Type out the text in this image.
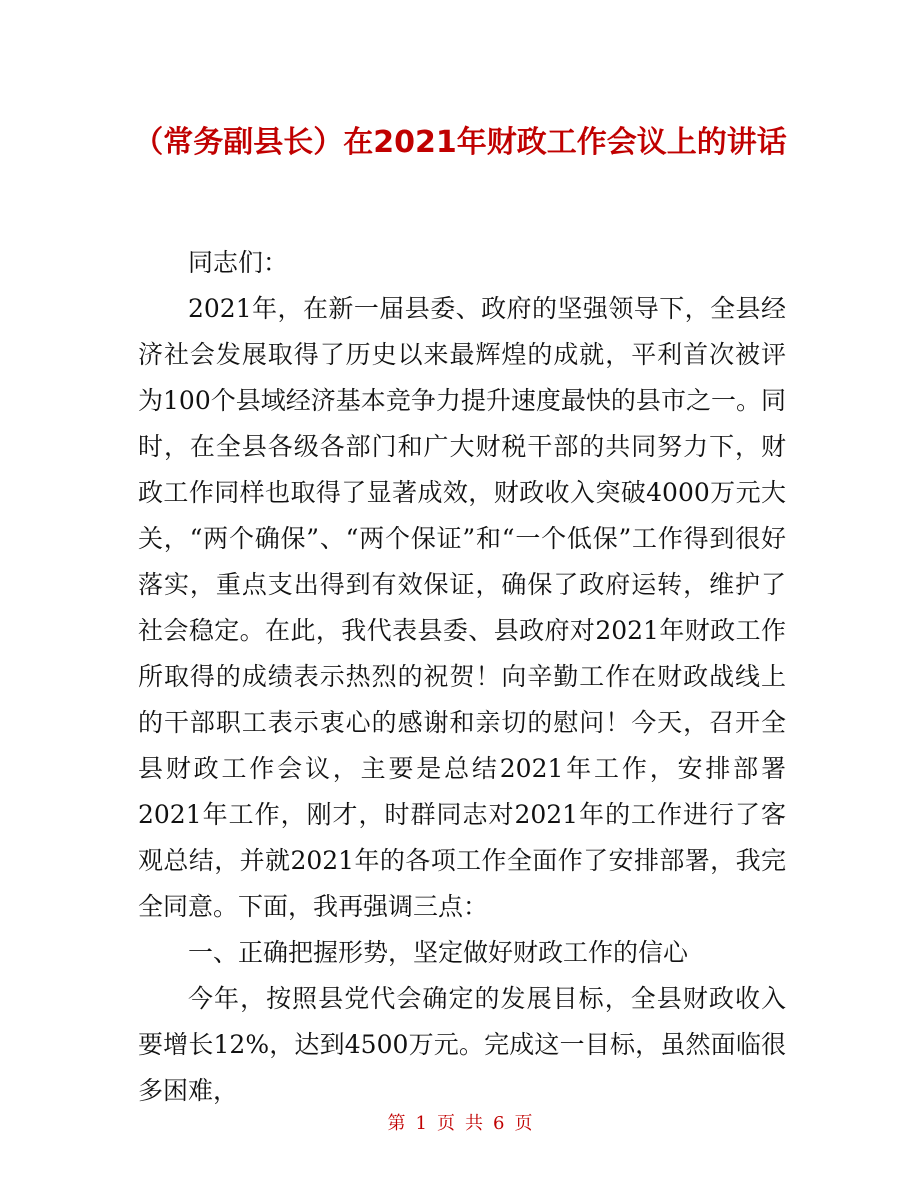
（常务副县长）在2021年财政工作会议上的讲话

同志们：

2021年，在新一届县委、政府的坚强领导下，全县经济社会发展取得了历史以来最辉煌的成就，平利首次被评为100个县域经济基本竞争力提升速度最快的县市之一。同时，在全县各级各部门和广大财税干部的共同努力下，财政工作同样也取得了显著成效，财政收入突破4000万元大关，“两个确保”、“两个保证”和“一个低保”工作得到很好落实，重点支出得到有效保证，确保了政府运转，维护了社会稳定。在此，我代表县委、县政府对2021年财政工作所取得的成绩表示热烈的祝贺！向辛勤工作在财政战线上的干部职工表示衷心的感谢和亲切的慰问！今天，召开全县财政工作会议，主要是总结2021年工作，安排部署2021年工作，刚才，时群同志对2021年的工作进行了客观总结，并就2021年的各项工作全面作了安排部署，我完全同意。下面，我再强调三点：

一、正确把握形势，坚定做好财政工作的信心

今年，按照县党代会确定的发展目标，全县财政收入要增长12%，达到4500万元。完成这一目标，虽然面临很多困难，

第 1 页 共 6 页
